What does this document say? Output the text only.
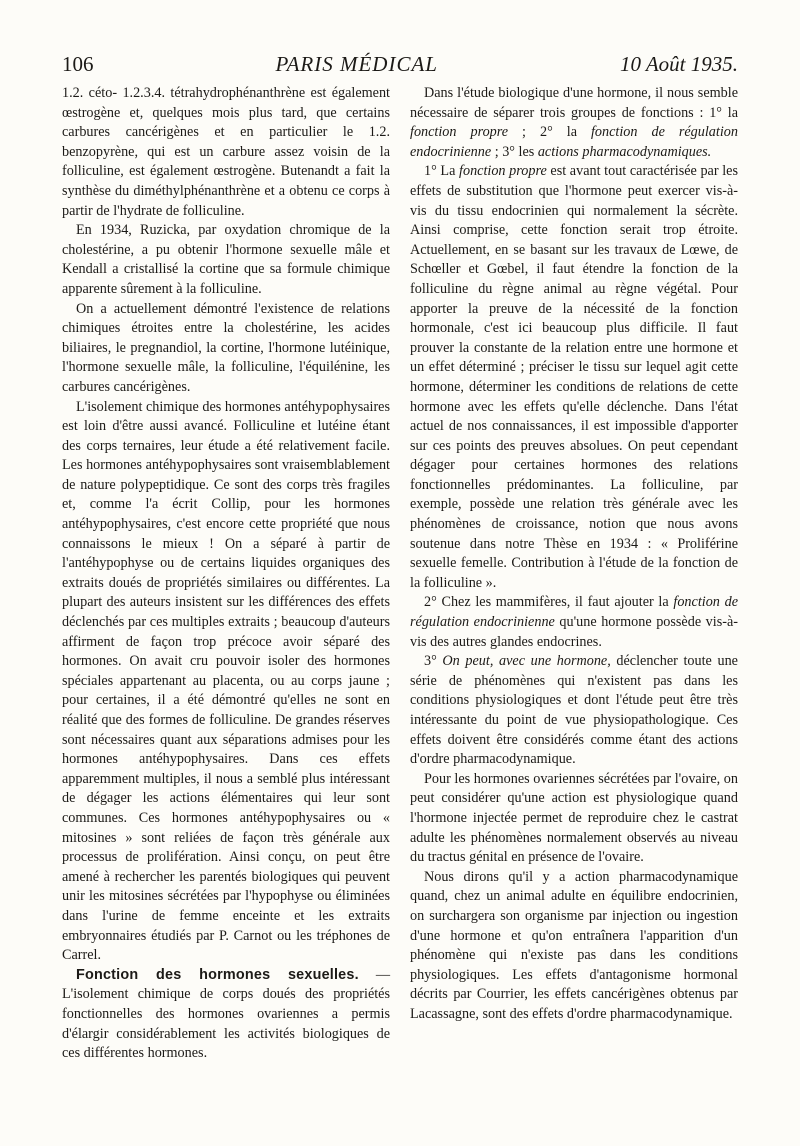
106	PARIS MÉDICAL	10 Août 1935.

1.2. céto- 1.2.3.4. tétrahydrophénanthrène est également œstrogène et, quelques mois plus tard, que certains carbures cancérigènes et en particulier le 1.2. benzopyrène, qui est un carbure assez voisin de la folliculine, est également œstrogène. Butenandt a fait la synthèse du diméthylphénanthrène et a obtenu ce corps à partir de l'hydrate de folliculine.

En 1934, Ruzicka, par oxydation chromique de la cholestérine, a pu obtenir l'hormone sexuelle mâle et Kendall a cristallisé la cortine que sa formule chimique apparente sûrement à la folliculine.

On a actuellement démontré l'existence de relations chimiques étroites entre la cholestérine, les acides biliaires, le pregnandiol, la cortine, l'hormone lutéinique, l'hormone sexuelle mâle, la folliculine, l'équilénine, les carbures cancérigènes.

L'isolement chimique des hormones antéhypophysaires est loin d'être aussi avancé. Folliculine et lutéine étant des corps ternaires, leur étude a été relativement facile. Les hormones antéhypophysaires sont vraisemblablement de nature polypeptidique. Ce sont des corps très fragiles et, comme l'a écrit Collip, pour les hormones antéhypophysaires, c'est encore cette propriété que nous connaissons le mieux ! On a séparé à partir de l'antéhypophyse ou de certains liquides organiques des extraits doués de propriétés similaires ou différentes. La plupart des auteurs insistent sur les différences des effets déclenchés par ces multiples extraits ; beaucoup d'auteurs affirment de façon trop précoce avoir séparé des hormones. On avait cru pouvoir isoler des hormones spéciales appartenant au placenta, ou au corps jaune ; pour certaines, il a été démontré qu'elles ne sont en réalité que des formes de folliculine. De grandes réserves sont nécessaires quant aux séparations admises pour les hormones antéhypophysaires. Dans ces effets apparemment multiples, il nous a semblé plus intéressant de dégager les actions élémentaires qui leur sont communes. Ces hormones antéhypophysaires ou « mitosines » sont reliées de façon très générale aux processus de prolifération. Ainsi conçu, on peut être amené à rechercher les parentés biologiques qui peuvent unir les mitosines sécrétées par l'hypophyse ou éliminées dans l'urine de femme enceinte et les extraits embryonnaires étudiés par P. Carnot ou les tréphones de Carrel.

Fonction des hormones sexuelles. — L'isolement chimique de corps doués des propriétés fonctionnelles des hormones ovariennes a permis d'élargir considérablement les activités biologiques de ces différentes hormones.

Dans l'étude biologique d'une hormone, il nous semble nécessaire de séparer trois groupes de fonctions : 1° la fonction propre ; 2° la fonction de régulation endocrinienne ; 3° les actions pharmacodynamiques.

1° La fonction propre est avant tout caractérisée par les effets de substitution que l'hormone peut exercer vis-à-vis du tissu endocrinien qui normalement la sécrète. Ainsi comprise, cette fonction serait trop étroite. Actuellement, en se basant sur les travaux de Lœwe, de Schœller et Gœbel, il faut étendre la fonction de la folliculine du règne animal au règne végétal. Pour apporter la preuve de la nécessité de la fonction hormonale, c'est ici beaucoup plus difficile. Il faut prouver la constante de la relation entre une hormone et un effet déterminé ; préciser le tissu sur lequel agit cette hormone, déterminer les conditions de relations de cette hormone avec les effets qu'elle déclenche. Dans l'état actuel de nos connaissances, il est impossible d'apporter sur ces points des preuves absolues. On peut cependant dégager pour certaines hormones des relations fonctionnelles prédominantes. La folliculine, par exemple, possède une relation très générale avec les phénomènes de croissance, notion que nous avons soutenue dans notre Thèse en 1934 : « Proliférine sexuelle femelle. Contribution à l'étude de la fonction de la folliculine ».

2° Chez les mammifères, il faut ajouter la fonction de régulation endocrinienne qu'une hormone possède vis-à-vis des autres glandes endocrines.

3° On peut, avec une hormone, déclencher toute une série de phénomènes qui n'existent pas dans les conditions physiologiques et dont l'étude peut être très intéressante du point de vue physiopathologique. Ces effets doivent être considérés comme étant des actions d'ordre pharmacodynamique.

Pour les hormones ovariennes sécrétées par l'ovaire, on peut considérer qu'une action est physiologique quand l'hormone injectée permet de reproduire chez le castrat adulte les phénomènes normalement observés au niveau du tractus génital en présence de l'ovaire.

Nous dirons qu'il y a action pharmacodynamique quand, chez un animal adulte en équilibre endocrinien, on surchargera son organisme par injection ou ingestion d'une hormone et qu'on entraînera l'apparition d'un phénomène qui n'existe pas dans les conditions physiologiques. Les effets d'antagonisme hormonal décrits par Courrier, les effets cancérigènes obtenus par Lacassagne, sont des effets d'ordre pharmacodynamique.
